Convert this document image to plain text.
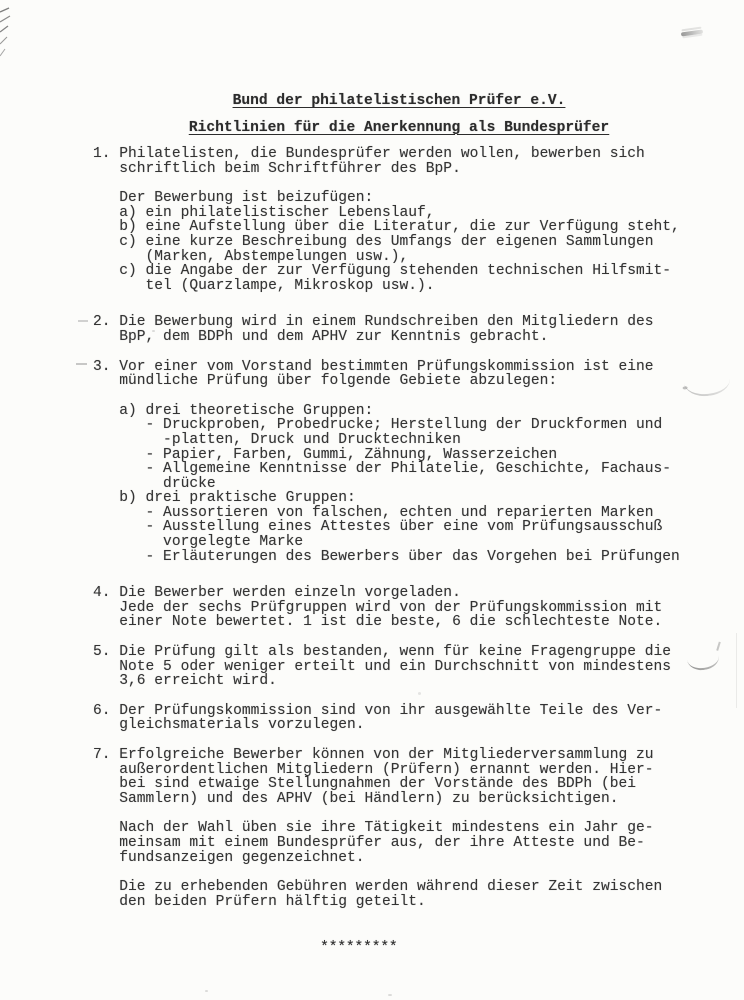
Bund der philatelistischen Prüfer e.V.
Richtlinien für die Anerkennung als Bundesprüfer
1. Philatelisten, die Bundesprüfer werden wollen, bewerben sich
schriftlich beim Schriftführer des BpP.
Der Bewerbung ist beizufügen:
a) ein philatelistischer Lebenslauf,
b) eine Aufstellung über die Literatur, die zur Verfügung steht,
c) eine kurze Beschreibung des Umfangs der eigenen Sammlungen
(Marken, Abstempelungen usw.),
c) die Angabe der zur Verfügung stehenden technischen Hilfsmit-
tel (Quarzlampe, Mikroskop usw.).
2. Die Bewerbung wird in einem Rundschreiben den Mitgliedern des
BpP, dem BDPh und dem APHV zur Kenntnis gebracht.
3. Vor einer vom Vorstand bestimmten Prüfungskommission ist eine
mündliche Prüfung über folgende Gebiete abzulegen:
a) drei theoretische Gruppen:
- Druckproben, Probedrucke; Herstellung der Druckformen und
-platten, Druck und Drucktechniken
- Papier, Farben, Gummi, Zähnung, Wasserzeichen
- Allgemeine Kenntnisse der Philatelie, Geschichte, Fachaus-
drücke
b) drei praktische Gruppen:
- Aussortieren von falschen, echten und reparierten Marken
- Ausstellung eines Attestes über eine vom Prüfungsausschuß
vorgelegte Marke
- Erläuterungen des Bewerbers über das Vorgehen bei Prüfungen
4. Die Bewerber werden einzeln vorgeladen.
Jede der sechs Prüfgruppen wird von der Prüfungskommission mit
einer Note bewertet. 1 ist die beste, 6 die schlechteste Note.
5. Die Prüfung gilt als bestanden, wenn für keine Fragengruppe die
Note 5 oder weniger erteilt und ein Durchschnitt von mindestens
3,6 erreicht wird.
6. Der Prüfungskommission sind von ihr ausgewählte Teile des Ver-
gleichsmaterials vorzulegen.
7. Erfolgreiche Bewerber können von der Mitgliederversammlung zu
außerordentlichen Mitgliedern (Prüfern) ernannt werden. Hier-
bei sind etwaige Stellungnahmen der Vorstände des BDPh (bei
Sammlern) und des APHV (bei Händlern) zu berücksichtigen.
Nach der Wahl üben sie ihre Tätigkeit mindestens ein Jahr ge-
meinsam mit einem Bundesprüfer aus, der ihre Atteste und Be-
fundsanzeigen gegenzeichnet.
Die zu erhebenden Gebühren werden während dieser Zeit zwischen
den beiden Prüfern hälftig geteilt.
*********
